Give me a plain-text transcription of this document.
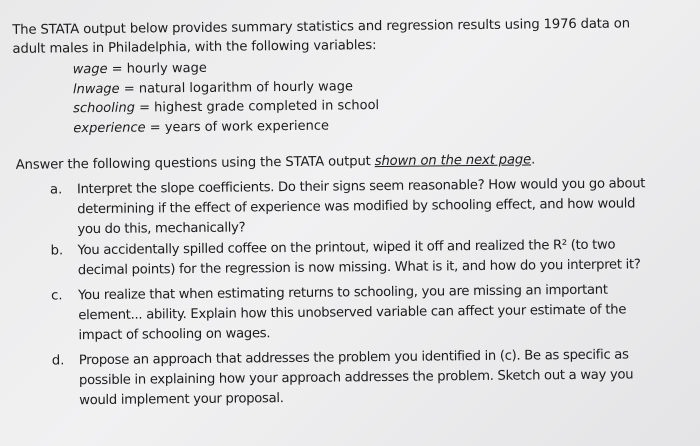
The STATA output below provides summary statistics and regression results using 1976 data on
adult males in Philadelphia, with the following variables:
wage = hourly wage
lnwage = natural logarithm of hourly wage
schooling = highest grade completed in school
experience = years of work experience
Answer the following questions using the STATA output shown on the next page.
a. Interpret the slope coefficients. Do their signs seem reasonable? How would you go about
determining if the effect of experience was modified by schooling effect, and how would
you do this, mechanically?
b. You accidentally spilled coffee on the printout, wiped it off and realized the R² (to two
decimal points) for the regression is now missing. What is it, and how do you interpret it?
c. You realize that when estimating returns to schooling, you are missing an important
element... ability. Explain how this unobserved variable can affect your estimate of the
impact of schooling on wages.
d. Propose an approach that addresses the problem you identified in (c). Be as specific as
possible in explaining how your approach addresses the problem. Sketch out a way you
would implement your proposal.
